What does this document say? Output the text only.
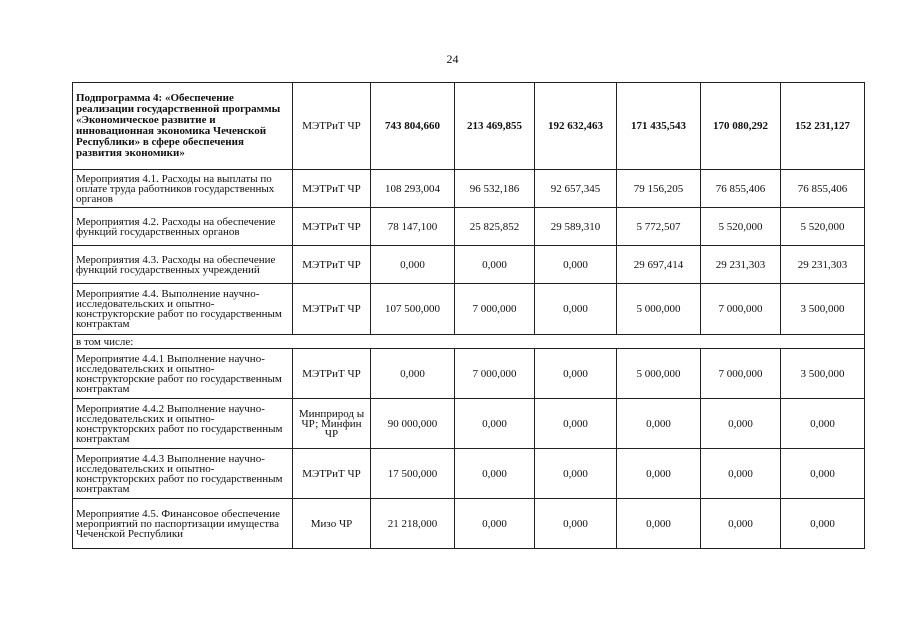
24
Подпрограмма 4: «Обеспечение реализации государственной программы «Экономическое развитие и инновационная экономика Чеченской Республики» в сфере обеспечения развития экономики»	МЭТРиТ ЧР	743 804,660	213 469,855	192 632,463	171 435,543	170 080,292	152 231,127
Мероприятия 4.1. Расходы на выплаты по оплате труда работников государственных органов	МЭТРиТ ЧР	108 293,004	96 532,186	92 657,345	79 156,205	76 855,406	76 855,406
Мероприятия 4.2. Расходы на обеспечение функций государственных органов	МЭТРиТ ЧР	78 147,100	25 825,852	29 589,310	5 772,507	5 520,000	5 520,000
Мероприятия 4.3. Расходы на обеспечение функций государственных учреждений	МЭТРиТ ЧР	0,000	0,000	0,000	29 697,414	29 231,303	29 231,303
Мероприятие 4.4. Выполнение научно-исследовательских и опытно-конструкторские работ по государственным контрактам	МЭТРиТ ЧР	107 500,000	7 000,000	0,000	5 000,000	7 000,000	3 500,000
в том числе:							
Мероприятие 4.4.1 Выполнение научно-исследовательских и опытно-конструкторские работ по государственным контрактам	МЭТРиТ ЧР	0,000	7 000,000	0,000	5 000,000	7 000,000	3 500,000
Мероприятие 4.4.2 Выполнение научно-исследовательских и опытно-конструкторских работ по государственным контрактам	Минприрод ы ЧР; Минфин ЧР	90 000,000	0,000	0,000	0,000	0,000	0,000
Мероприятие 4.4.3 Выполнение научно-исследовательских и опытно-конструкторских работ по государственным контрактам	МЭТРиТ ЧР	17 500,000	0,000	0,000	0,000	0,000	0,000
Мероприятие 4.5. Финансовое обеспечение мероприятий по паспортизации имущества Чеченской Республики	Мизо ЧР	21 218,000	0,000	0,000	0,000	0,000	0,000
